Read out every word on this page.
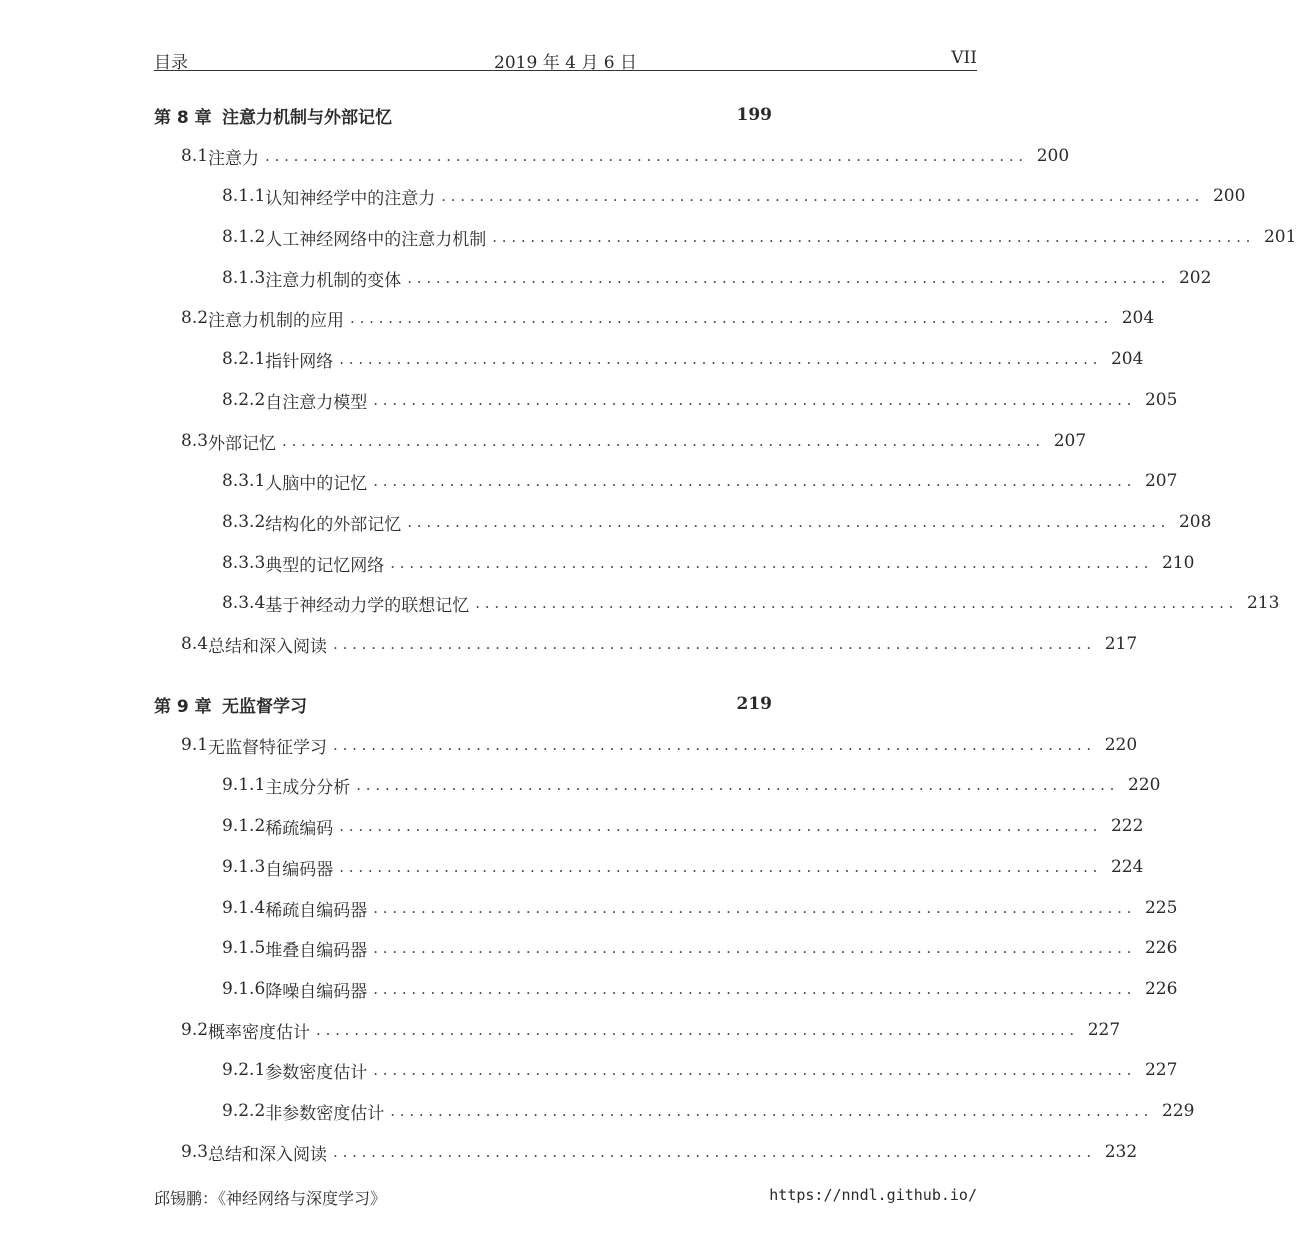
目录	2019 年 4 月 6 日	VII
第 8 章 注意力机制与外部记忆	199
8.1 注意力 . . . . . . . . . . . . . . . . . . . . . . . . . . . . . . . . . . . . . . . . . . . . . . . . . . . . . . . . . . . . . . . . . . . . . . . . . . . . . . . . 200
8.1.1 认知神经学中的注意力 . . . . . . . . . . . . . . . . . . . . . . . . . . . . . . . . . . . . . . . . . . . . . . . . . . . . . . . . . . . . . . . . . . . . . . . . . . . . . . . . 200
8.1.2 人工神经网络中的注意力机制 . . . . . . . . . . . . . . . . . . . . . . . . . . . . . . . . . . . . . . . . . . . . . . . . . . . . . . . . . . . . . . . . . . . . . . . . . . . . . . . . 201
8.1.3 注意力机制的变体 . . . . . . . . . . . . . . . . . . . . . . . . . . . . . . . . . . . . . . . . . . . . . . . . . . . . . . . . . . . . . . . . . . . . . . . . . . . . . . . . 202
8.2 注意力机制的应用 . . . . . . . . . . . . . . . . . . . . . . . . . . . . . . . . . . . . . . . . . . . . . . . . . . . . . . . . . . . . . . . . . . . . . . . . . . . . . . . . 204
8.2.1 指针网络 . . . . . . . . . . . . . . . . . . . . . . . . . . . . . . . . . . . . . . . . . . . . . . . . . . . . . . . . . . . . . . . . . . . . . . . . . . . . . . . . 204
8.2.2 自注意力模型 . . . . . . . . . . . . . . . . . . . . . . . . . . . . . . . . . . . . . . . . . . . . . . . . . . . . . . . . . . . . . . . . . . . . . . . . . . . . . . . . 205
8.3 外部记忆 . . . . . . . . . . . . . . . . . . . . . . . . . . . . . . . . . . . . . . . . . . . . . . . . . . . . . . . . . . . . . . . . . . . . . . . . . . . . . . . . 207
8.3.1 人脑中的记忆 . . . . . . . . . . . . . . . . . . . . . . . . . . . . . . . . . . . . . . . . . . . . . . . . . . . . . . . . . . . . . . . . . . . . . . . . . . . . . . . . 207
8.3.2 结构化的外部记忆 . . . . . . . . . . . . . . . . . . . . . . . . . . . . . . . . . . . . . . . . . . . . . . . . . . . . . . . . . . . . . . . . . . . . . . . . . . . . . . . . 208
8.3.3 典型的记忆网络 . . . . . . . . . . . . . . . . . . . . . . . . . . . . . . . . . . . . . . . . . . . . . . . . . . . . . . . . . . . . . . . . . . . . . . . . . . . . . . . . 210
8.3.4 基于神经动力学的联想记忆 . . . . . . . . . . . . . . . . . . . . . . . . . . . . . . . . . . . . . . . . . . . . . . . . . . . . . . . . . . . . . . . . . . . . . . . . . . . . . . . . 213
8.4 总结和深入阅读 . . . . . . . . . . . . . . . . . . . . . . . . . . . . . . . . . . . . . . . . . . . . . . . . . . . . . . . . . . . . . . . . . . . . . . . . . . . . . . . . 217
第 9 章 无监督学习	219
9.1 无监督特征学习 . . . . . . . . . . . . . . . . . . . . . . . . . . . . . . . . . . . . . . . . . . . . . . . . . . . . . . . . . . . . . . . . . . . . . . . . . . . . . . . . 220
9.1.1 主成分分析 . . . . . . . . . . . . . . . . . . . . . . . . . . . . . . . . . . . . . . . . . . . . . . . . . . . . . . . . . . . . . . . . . . . . . . . . . . . . . . . . 220
9.1.2 稀疏编码 . . . . . . . . . . . . . . . . . . . . . . . . . . . . . . . . . . . . . . . . . . . . . . . . . . . . . . . . . . . . . . . . . . . . . . . . . . . . . . . . 222
9.1.3 自编码器 . . . . . . . . . . . . . . . . . . . . . . . . . . . . . . . . . . . . . . . . . . . . . . . . . . . . . . . . . . . . . . . . . . . . . . . . . . . . . . . . 224
9.1.4 稀疏自编码器 . . . . . . . . . . . . . . . . . . . . . . . . . . . . . . . . . . . . . . . . . . . . . . . . . . . . . . . . . . . . . . . . . . . . . . . . . . . . . . . . 225
9.1.5 堆叠自编码器 . . . . . . . . . . . . . . . . . . . . . . . . . . . . . . . . . . . . . . . . . . . . . . . . . . . . . . . . . . . . . . . . . . . . . . . . . . . . . . . . 226
9.1.6 降噪自编码器 . . . . . . . . . . . . . . . . . . . . . . . . . . . . . . . . . . . . . . . . . . . . . . . . . . . . . . . . . . . . . . . . . . . . . . . . . . . . . . . . 226
9.2 概率密度估计 . . . . . . . . . . . . . . . . . . . . . . . . . . . . . . . . . . . . . . . . . . . . . . . . . . . . . . . . . . . . . . . . . . . . . . . . . . . . . . . . 227
9.2.1 参数密度估计 . . . . . . . . . . . . . . . . . . . . . . . . . . . . . . . . . . . . . . . . . . . . . . . . . . . . . . . . . . . . . . . . . . . . . . . . . . . . . . . . 227
9.2.2 非参数密度估计 . . . . . . . . . . . . . . . . . . . . . . . . . . . . . . . . . . . . . . . . . . . . . . . . . . . . . . . . . . . . . . . . . . . . . . . . . . . . . . . . 229
9.3 总结和深入阅读 . . . . . . . . . . . . . . . . . . . . . . . . . . . . . . . . . . . . . . . . . . . . . . . . . . . . . . . . . . . . . . . . . . . . . . . . . . . . . . . . 232
邱锡鹏：《神经网络与深度学习》	https://nndl.github.io/
